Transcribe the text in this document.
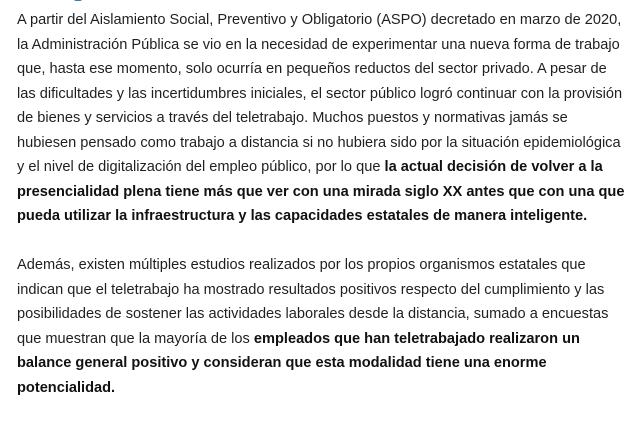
A partir del Aislamiento Social, Preventivo y Obligatorio (ASPO) decretado en marzo de 2020, la Administración Pública se vio en la necesidad de experimentar una nueva forma de trabajo que, hasta ese momento, solo ocurría en pequeños reductos del sector privado. A pesar de las dificultades y las incertidumbres iniciales, el sector público logró continuar con la provisión de bienes y servicios a través del teletrabajo. Muchos puestos y normativas jamás se hubiesen pensado como trabajo a distancia si no hubiera sido por la situación epidemiológica y el nivel de digitalización del empleo público, por lo que la actual decisión de volver a la presencialidad plena tiene más que ver con una mirada siglo XX antes que con una que pueda utilizar la infraestructura y las capacidades estatales de manera inteligente.

Además, existen múltiples estudios realizados por los propios organismos estatales que indican que el teletrabajo ha mostrado resultados positivos respecto del cumplimiento y las posibilidades de sostener las actividades laborales desde la distancia, sumado a encuestas que muestran que la mayoría de los empleados que han teletrabajado realizaron un balance general positivo y consideran que esta modalidad tiene una enorme potencialidad.
